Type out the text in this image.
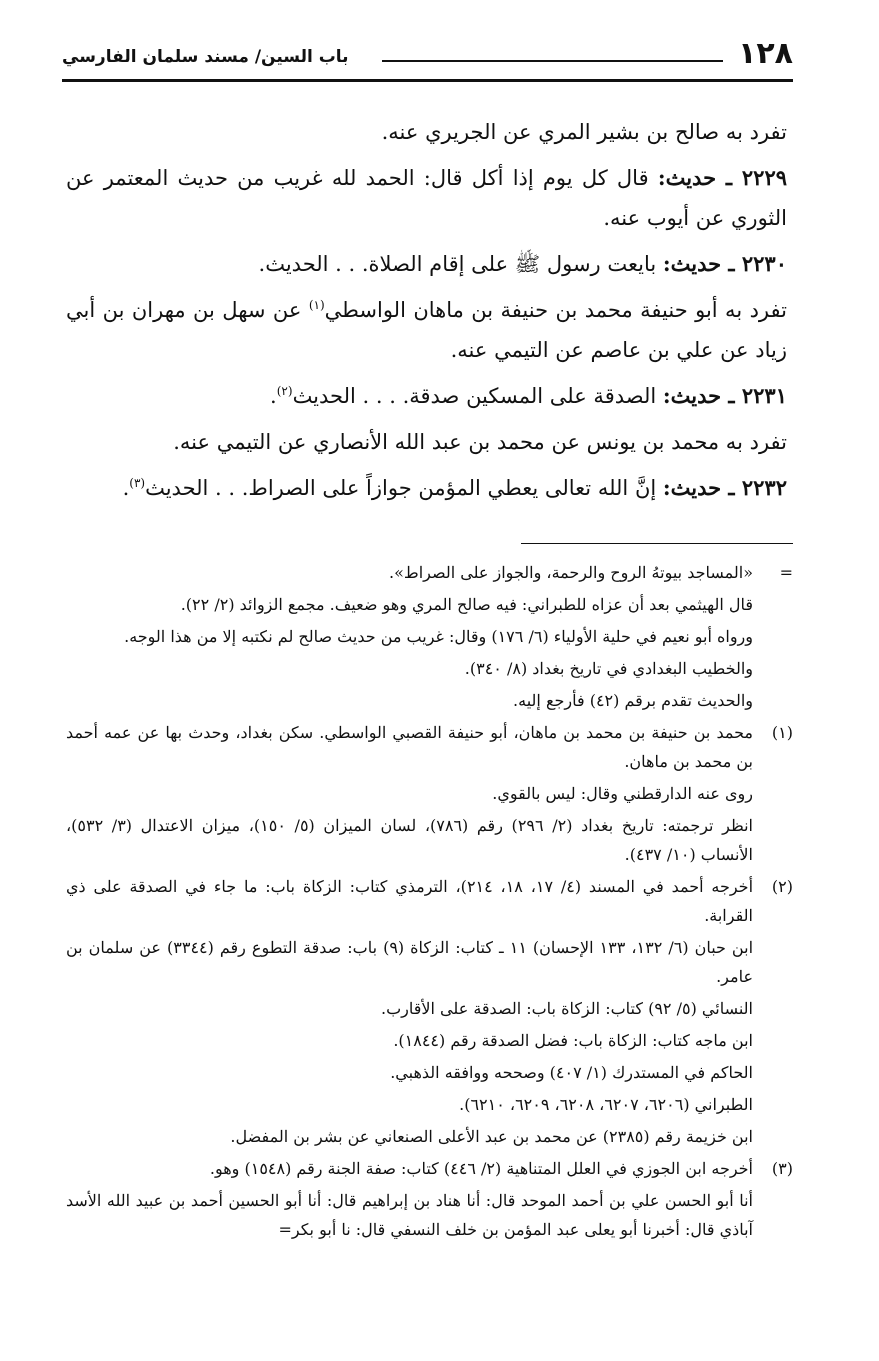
١٢٨
باب السين/ مسند سلمان الفارسي

تفرد به صالح بن بشير المري عن الجريري عنه.

٢٢٢٩ ـ حديث: قال كل يوم إذا أكل قال: الحمد لله غريب من حديث المعتمر عن الثوري عن أيوب عنه.

٢٢٣٠ ـ حديث: بايعت رسول ﷺ على إقام الصلاة. . . الحديث.

تفرد به أبو حنيفة محمد بن حنيفة بن ماهان الواسطي$^{(١)}$ عن سهل بن مهران بن أبي زياد عن علي بن عاصم عن التيمي عنه.

٢٢٣١ ـ حديث: الصدقة على المسكين صدقة. . . . الحديث$^{(٢)}$.

تفرد به محمد بن يونس عن محمد بن عبد الله الأنصاري عن التيمي عنه.

٢٢٣٢ ـ حديث: إنَّ الله تعالى يعطي المؤمن جوازاً على الصراط. . . الحديث$^{(٣)}$.

=
«المساجد بيوتهُ الروح والرحمة، والجواز على الصراط».
قال الهيثمي بعد أن عزاه للطبراني: فيه صالح المري وهو ضعيف. مجمع الزوائد (٢/ ٢٢).
ورواه أبو نعيم في حلية الأولياء (٦/ ١٧٦) وقال: غريب من حديث صالح لم نكتبه إلا من هذا الوجه.
والخطيب البغدادي في تاريخ بغداد (٨/ ٣٤٠).
والحديث تقدم برقم (٤٢) فأرجع إليه.
(١)
محمد بن حنيفة بن محمد بن ماهان، أبو حنيفة القصبي الواسطي. سكن بغداد، وحدث بها عن عمه أحمد بن محمد بن ماهان.
روى عنه الدارقطني وقال: ليس بالقوي.
انظر ترجمته: تاريخ بغداد (٢/ ٢٩٦) رقم (٧٨٦)، لسان الميزان (٥/ ١٥٠)، ميزان الاعتدال (٣/ ٥٣٢)، الأنساب (١٠/ ٤٣٧).
(٢)
أخرجه أحمد في المسند (٤/ ١٧، ١٨، ٢١٤)، الترمذي كتاب: الزكاة باب: ما جاء في الصدقة على ذي القرابة.
ابن حبان (٦/ ١٣٢، ١٣٣ الإحسان) ١١ ـ كتاب: الزكاة (٩) باب: صدقة التطوع رقم (٣٣٤٤) عن سلمان بن عامر.
النسائي (٥/ ٩٢) كتاب: الزكاة باب: الصدقة على الأقارب.
ابن ماجه كتاب: الزكاة باب: فضل الصدقة رقم (١٨٤٤).
الحاكم في المستدرك (١/ ٤٠٧) وصححه ووافقه الذهبي.
الطبراني (٦٢٠٦، ٦٢٠٧، ٦٢٠٨، ٦٢٠٩، ٦٢١٠).
ابن خزيمة رقم (٢٣٨٥) عن محمد بن عبد الأعلى الصنعاني عن بشر بن المفضل.
(٣)
أخرجه ابن الجوزي في العلل المتناهية (٢/ ٤٤٦) كتاب: صفة الجنة رقم (١٥٤٨) وهو.
أنا أبو الحسن علي بن أحمد الموحد قال: أنا هناد بن إبراهيم قال: أنا أبو الحسين أحمد بن عبيد الله الأسد آباذي قال: أخبرنا أبو يعلى عبد المؤمن بن خلف النسفي قال: نا أبو بكر=
